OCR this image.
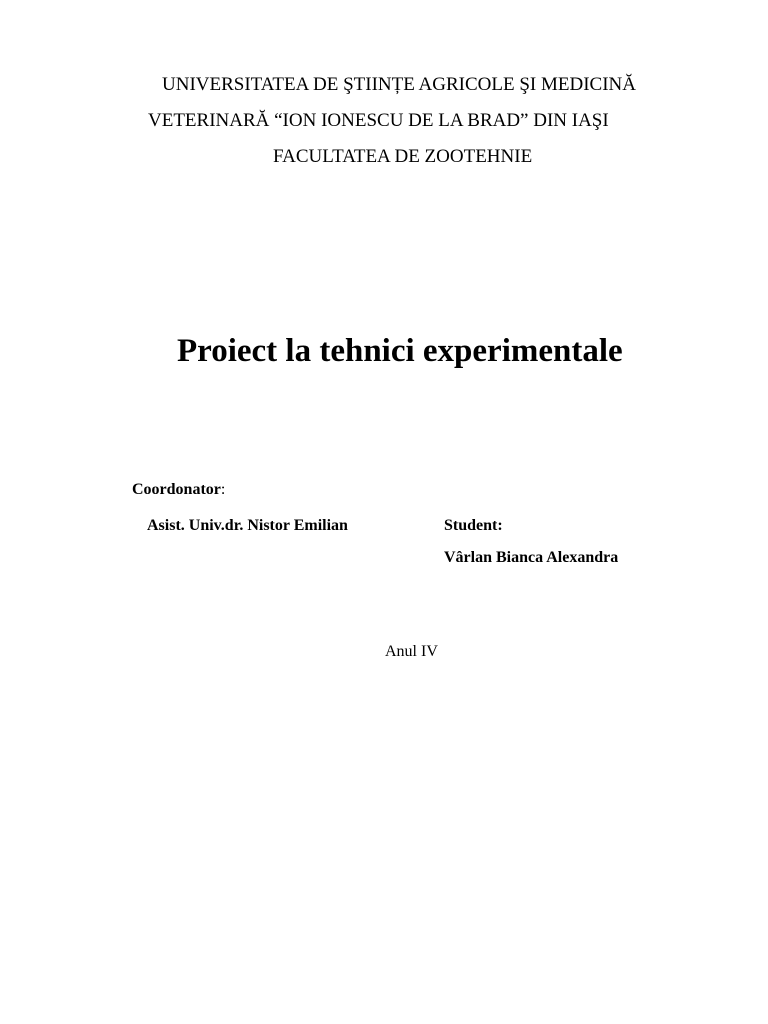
UNIVERSITATEA DE ŞTIINȚE AGRICOLE ŞI MEDICINĂ
VETERINARĂ “ION IONESCU DE LA BRAD” DIN IAŞI
FACULTATEA DE ZOOTEHNIE
Proiect la tehnici experimentale
Coordonator:
Asist. Univ.dr. Nistor Emilian	Student:
Vârlan Bianca Alexandra
Anul IV
